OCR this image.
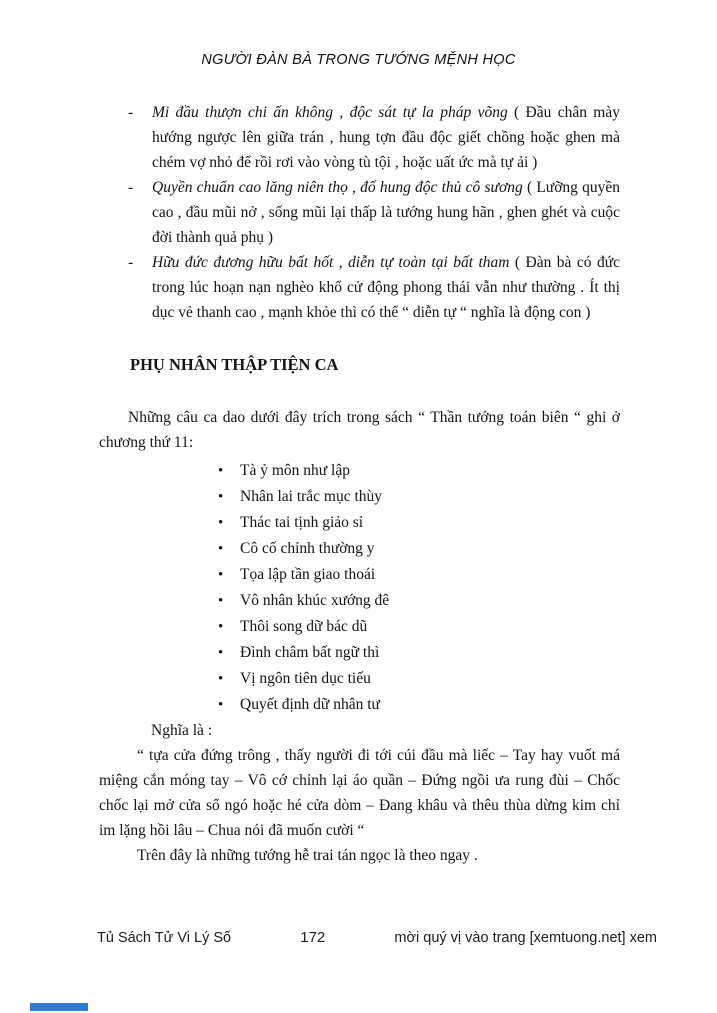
NGƯỜI ĐÀN BÀ TRONG TƯỚNG MỆNH HỌC
-
Mi đầu thượn chi ấn không , độc sát tự la pháp võng ( Đầu chân mày hướng ngược lên giữa trán , hung tợn đầu độc giết chồng hoặc ghen mà chém vợ nhỏ để rồi rơi vào vòng tù tội , hoặc uất ức mà tự ải )
-
Quyền chuẩn cao lăng niên thọ , đố hung độc thủ cô sương ( Lưỡng quyền cao , đầu mũi nở , sống mũi lại thấp là tướng hung hãn , ghen ghét và cuộc đời thành quả phụ )
-
Hữu đức đương hữu bất hốt , diễn tự toàn tại bất tham ( Đàn bà có đức trong lúc hoạn nạn nghèo khổ cử động phong thái vẫn như thường . Ít thị dục vẻ thanh cao , mạnh khỏe thì có thể “ diễn tự “ nghĩa là động con )
PHỤ NHÂN THẬP TIỆN CA
Những câu ca dao dưới đây trích trong sách “ Thần tướng toán biên “ ghi ở chương thứ 11:
•
Tà ỷ môn như lập
•
Nhân lai trắc mục thùy
•
Thác tai tịnh giảo sỉ
•
Cô cố chỉnh thường y
•
Tọa lập tần giao thoái
•
Vô nhân khúc xướng đê
•
Thôi song dữ bác dũ
•
Đình châm bất ngữ thì
•
Vị ngôn tiên dục tiếu
•
Quyết định dữ nhân tư
Nghĩa là :
“ tựa cửa đứng trông , thấy người đi tới cúi đầu mà liếc – Tay hay vuốt má miệng cắn móng tay – Vô cớ chỉnh lại áo quần – Đứng ngồi ưa rung đùi – Chốc chốc lại mở cửa sổ ngó hoặc hé cửa dòm – Đang khâu và thêu thùa dừng kim chỉ im lặng hồi lâu – Chua nói đã muốn cười “
Trên đây là những tướng hễ trai tán ngọc là theo ngay .
Tủ Sách Tử Vi Lý Số	172	mời quý vị vào trang [xemtuong.net] xem
